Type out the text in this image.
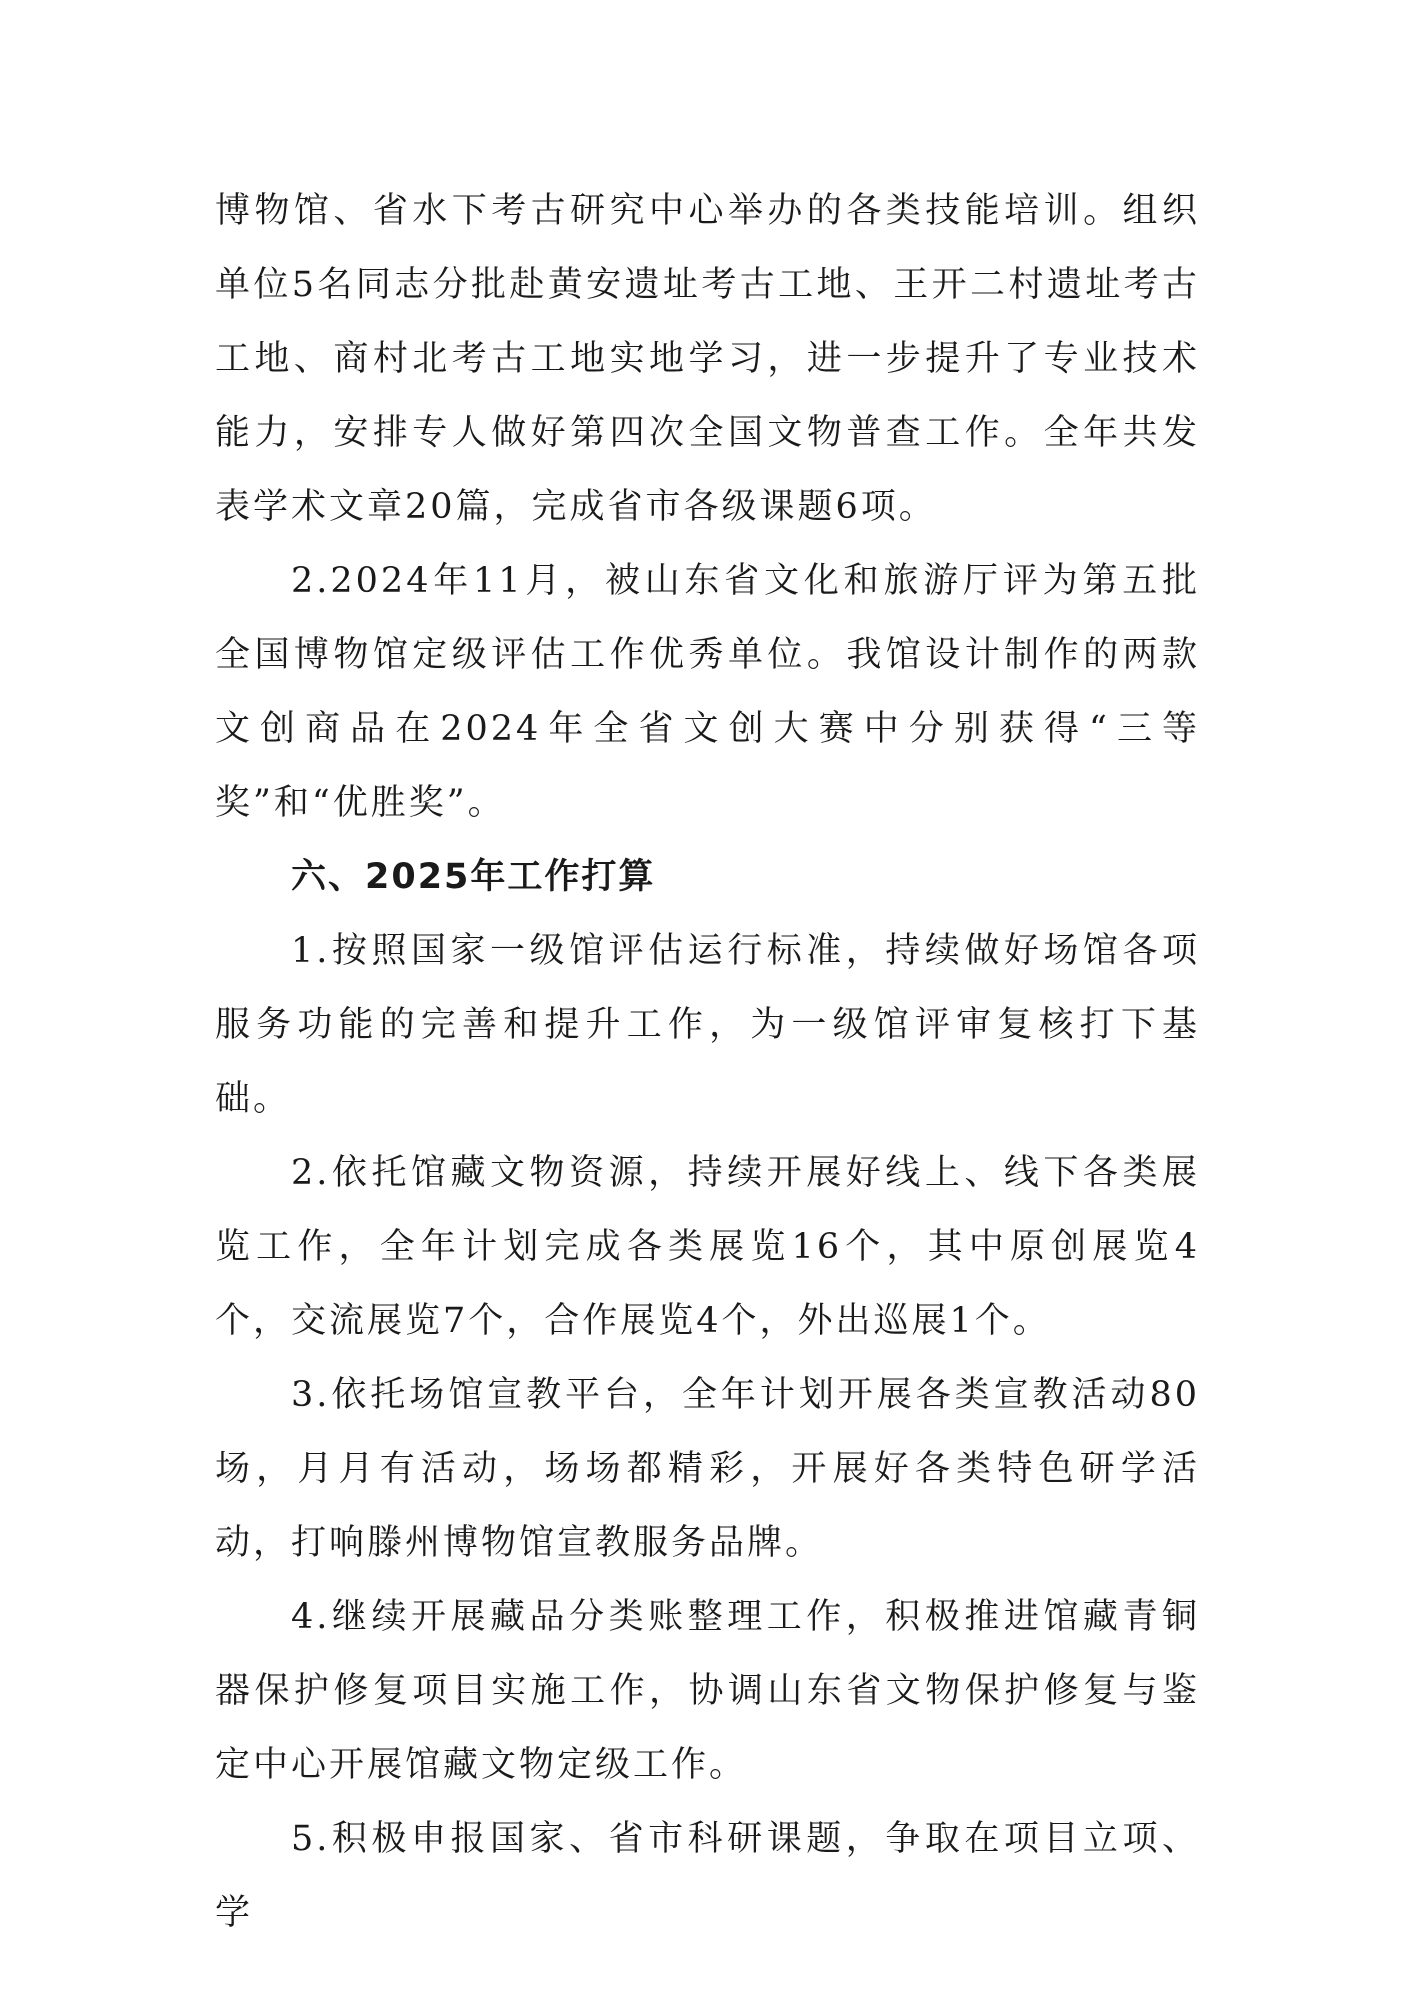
博物馆、省水下考古研究中心举办的各类技能培训。组织单位5名同志分批赴黄安遗址考古工地、王开二村遗址考古工地、商村北考古工地实地学习，进一步提升了专业技术能力，安排专人做好第四次全国文物普查工作。全年共发表学术文章20篇，完成省市各级课题6项。

2.2024年11月，被山东省文化和旅游厅评为第五批全国博物馆定级评估工作优秀单位。我馆设计制作的两款文创商品在2024年全省文创大赛中分别获得“三等奖”和“优胜奖”。

六、2025年工作打算

1.按照国家一级馆评估运行标准，持续做好场馆各项服务功能的完善和提升工作，为一级馆评审复核打下基础。

2.依托馆藏文物资源，持续开展好线上、线下各类展览工作，全年计划完成各类展览16个，其中原创展览4个，交流展览7个，合作展览4个，外出巡展1个。

3.依托场馆宣教平台，全年计划开展各类宣教活动80场，月月有活动，场场都精彩，开展好各类特色研学活动，打响滕州博物馆宣教服务品牌。

4.继续开展藏品分类账整理工作，积极推进馆藏青铜器保护修复项目实施工作，协调山东省文物保护修复与鉴定中心开展馆藏文物定级工作。

5.积极申报国家、省市科研课题，争取在项目立项、学
